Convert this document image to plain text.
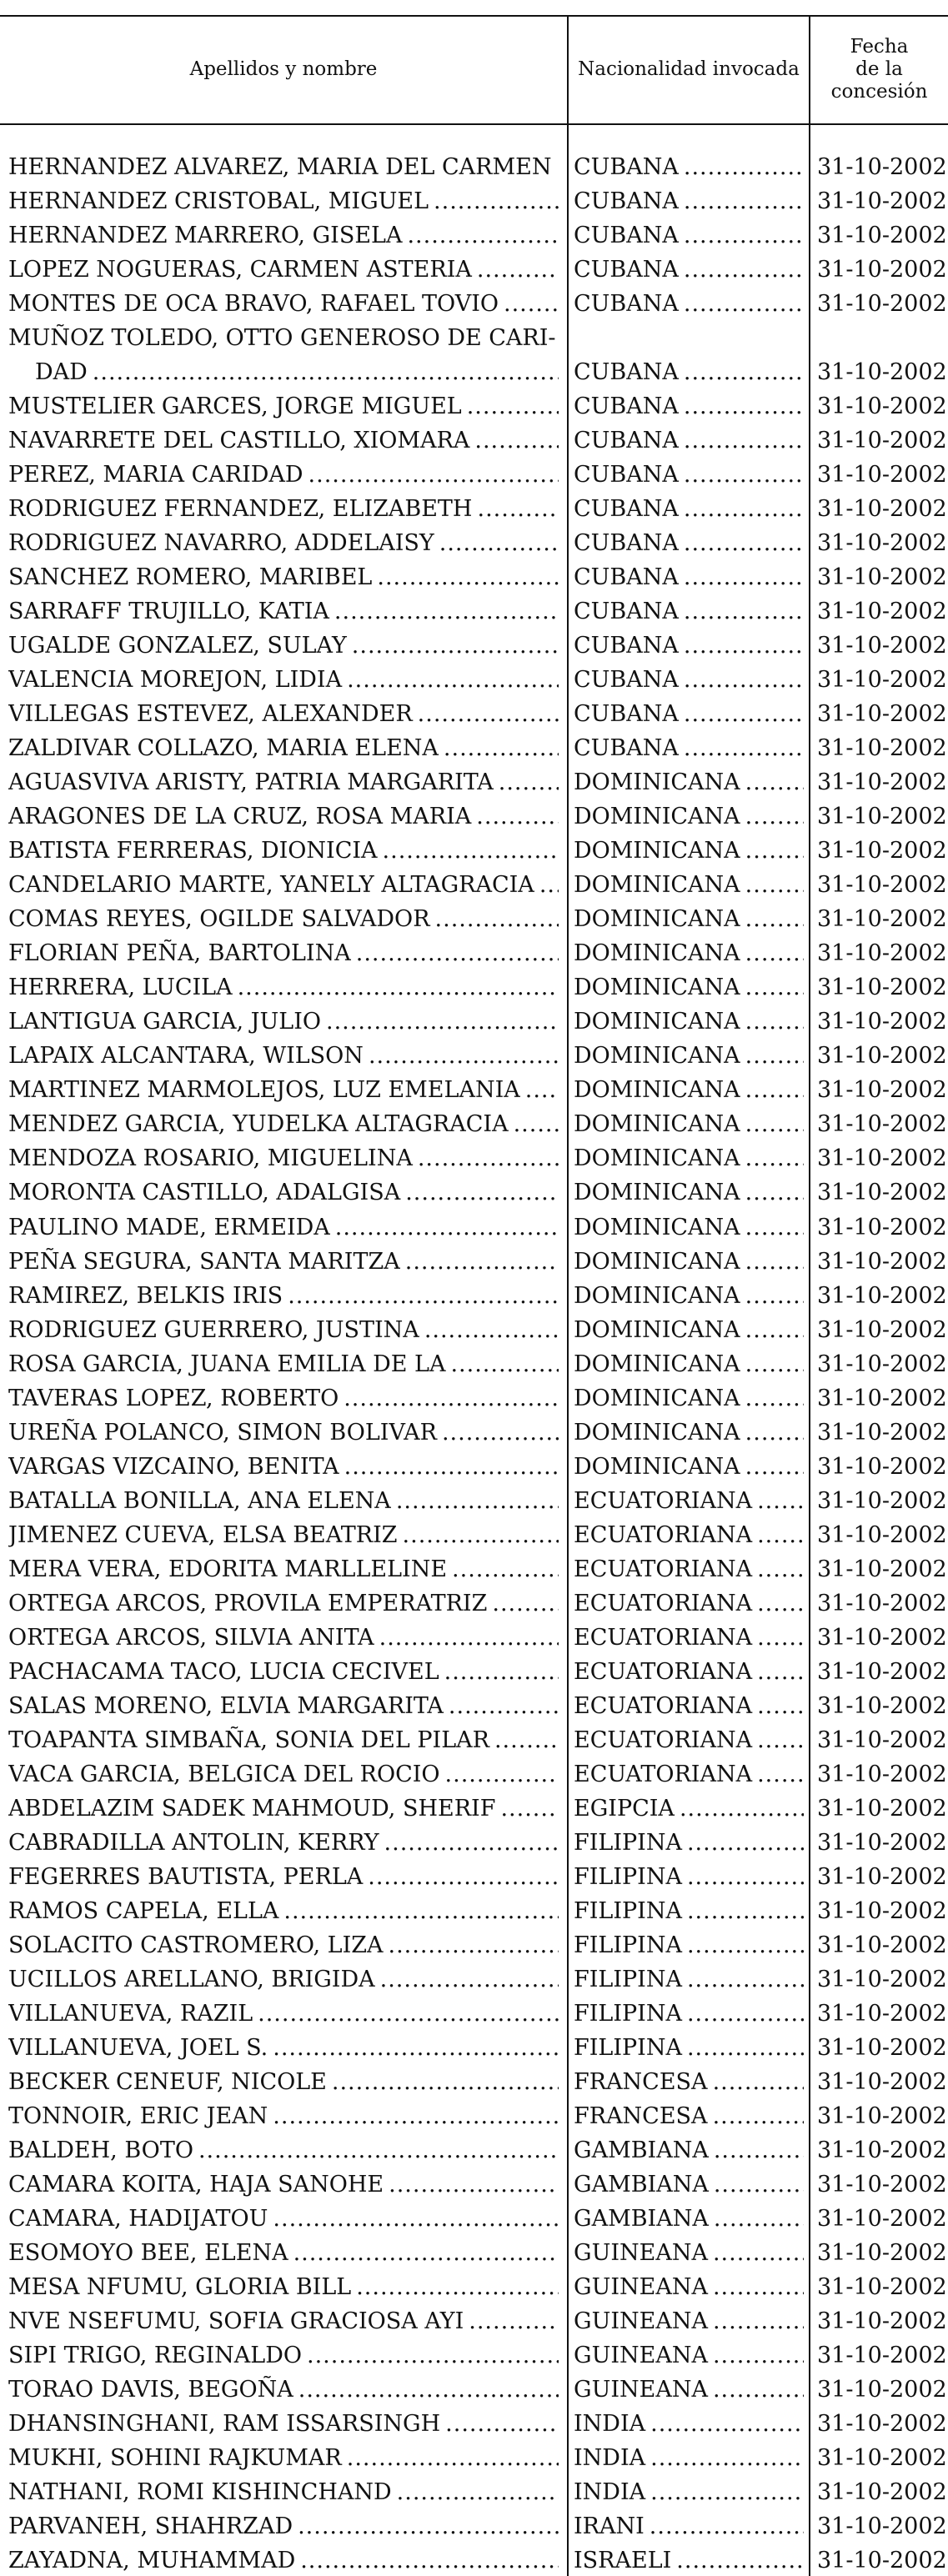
Apellidos y nombre	Nacionalidad invocada
Fecha
de la
concesión
HERNANDEZ ALVAREZ, MARIA DEL CARMEN ..... CUBANA .....	31-10-2002
HERNANDEZ CRISTOBAL, MIGUEL .....	CUBANA .....	31-10-2002
HERNANDEZ MARRERO, GISELA .....	CUBANA .....	31-10-2002
LOPEZ NOGUERAS, CARMEN ASTERIA .....	CUBANA .....	31-10-2002
MONTES DE OCA BRAVO, RAFAEL TOVIO .....	CUBANA .....	31-10-2002
MUÑOZ TOLEDO, OTTO GENEROSO DE CARI-
DAD .....	CUBANA .....	31-10-2002
MUSTELIER GARCES, JORGE MIGUEL .....	CUBANA .....	31-10-2002
NAVARRETE DEL CASTILLO, XIOMARA .....	CUBANA .....	31-10-2002
PEREZ, MARIA CARIDAD .....	CUBANA .....	31-10-2002
RODRIGUEZ FERNANDEZ, ELIZABETH .....	CUBANA .....	31-10-2002
RODRIGUEZ NAVARRO, ADDELAISY .....	CUBANA .....	31-10-2002
SANCHEZ ROMERO, MARIBEL .....	CUBANA .....	31-10-2002
SARRAFF TRUJILLO, KATIA .....	CUBANA .....	31-10-2002
UGALDE GONZALEZ, SULAY .....	CUBANA .....	31-10-2002
VALENCIA MOREJON, LIDIA .....	CUBANA .....	31-10-2002
VILLEGAS ESTEVEZ, ALEXANDER .....	CUBANA .....	31-10-2002
ZALDIVAR COLLAZO, MARIA ELENA .....	CUBANA .....	31-10-2002
AGUASVIVA ARISTY, PATRIA MARGARITA .....	DOMINICANA .....	31-10-2002
ARAGONES DE LA CRUZ, ROSA MARIA .....	DOMINICANA .....	31-10-2002
BATISTA FERRERAS, DIONICIA .....	DOMINICANA .....	31-10-2002
CANDELARIO MARTE, YANELY ALTAGRACIA ..... DOMINICANA .....	31-10-2002
COMAS REYES, OGILDE SALVADOR .....	DOMINICANA .....	31-10-2002
FLORIAN PEÑA, BARTOLINA .....	DOMINICANA .....	31-10-2002
HERRERA, LUCILA .....	DOMINICANA .....	31-10-2002
LANTIGUA GARCIA, JULIO .....	DOMINICANA .....	31-10-2002
LAPAIX ALCANTARA, WILSON .....	DOMINICANA .....	31-10-2002
MARTINEZ MARMOLEJOS, LUZ EMELANIA ..... DOMINICANA .....	31-10-2002
MENDEZ GARCIA, YUDELKA ALTAGRACIA .....	DOMINICANA .....	31-10-2002
MENDOZA ROSARIO, MIGUELINA .....	DOMINICANA .....	31-10-2002
MORONTA CASTILLO, ADALGISA .....	DOMINICANA .....	31-10-2002
PAULINO MADE, ERMEIDA .....	DOMINICANA .....	31-10-2002
PEÑA SEGURA, SANTA MARITZA .....	DOMINICANA .....	31-10-2002
RAMIREZ, BELKIS IRIS .....	DOMINICANA .....	31-10-2002
RODRIGUEZ GUERRERO, JUSTINA .....	DOMINICANA .....	31-10-2002
ROSA GARCIA, JUANA EMILIA DE LA .....	DOMINICANA .....	31-10-2002
TAVERAS LOPEZ, ROBERTO .....	DOMINICANA .....	31-10-2002
UREÑA POLANCO, SIMON BOLIVAR .....	DOMINICANA .....	31-10-2002
VARGAS VIZCAINO, BENITA .....	DOMINICANA .....	31-10-2002
BATALLA BONILLA, ANA ELENA .....	ECUATORIANA .....	31-10-2002
JIMENEZ CUEVA, ELSA BEATRIZ .....	ECUATORIANA .....	31-10-2002
MERA VERA, EDORITA MARLLELINE .....	ECUATORIANA .....	31-10-2002
ORTEGA ARCOS, PROVILA EMPERATRIZ .....	ECUATORIANA .....	31-10-2002
ORTEGA ARCOS, SILVIA ANITA .....	ECUATORIANA .....	31-10-2002
PACHACAMA TACO, LUCIA CECIVEL .....	ECUATORIANA .....	31-10-2002
SALAS MORENO, ELVIA MARGARITA .....	ECUATORIANA .....	31-10-2002
TOAPANTA SIMBAÑA, SONIA DEL PILAR .....	ECUATORIANA .....	31-10-2002
VACA GARCIA, BELGICA DEL ROCIO .....	ECUATORIANA .....	31-10-2002
ABDELAZIM SADEK MAHMOUD, SHERIF .....	EGIPCIA .....	31-10-2002
CABRADILLA ANTOLIN, KERRY .....	FILIPINA .....	31-10-2002
FEGERRES BAUTISTA, PERLA .....	FILIPINA .....	31-10-2002
RAMOS CAPELA, ELLA .....	FILIPINA .....	31-10-2002
SOLACITO CASTROMERO, LIZA .....	FILIPINA .....	31-10-2002
UCILLOS ARELLANO, BRIGIDA .....	FILIPINA .....	31-10-2002
VILLANUEVA, RAZIL .....	FILIPINA .....	31-10-2002
VILLANUEVA, JOEL S. .....	FILIPINA .....	31-10-2002
BECKER CENEUF, NICOLE .....	FRANCESA .....	31-10-2002
TONNOIR, ERIC JEAN .....	FRANCESA .....	31-10-2002
BALDEH, BOTO .....	GAMBIANA .....	31-10-2002
CAMARA KOITA, HAJA SANOHE .....	GAMBIANA .....	31-10-2002
CAMARA, HADIJATOU .....	GAMBIANA .....	31-10-2002
ESOMOYO BEE, ELENA .....	GUINEANA .....	31-10-2002
MESA NFUMU, GLORIA BILL .....	GUINEANA .....	31-10-2002
NVE NSEFUMU, SOFIA GRACIOSA AYI .....	GUINEANA .....	31-10-2002
SIPI TRIGO, REGINALDO .....	GUINEANA .....	31-10-2002
TORAO DAVIS, BEGOÑA .....	GUINEANA .....	31-10-2002
DHANSINGHANI, RAM ISSARSINGH .....	INDIA .....	31-10-2002
MUKHI, SOHINI RAJKUMAR .....	INDIA .....	31-10-2002
NATHANI, ROMI KISHINCHAND .....	INDIA .....	31-10-2002
PARVANEH, SHAHRZAD .....	IRANI .....	31-10-2002
ZAYADNA, MUHAMMAD .....	ISRAELI .....	31-10-2002
